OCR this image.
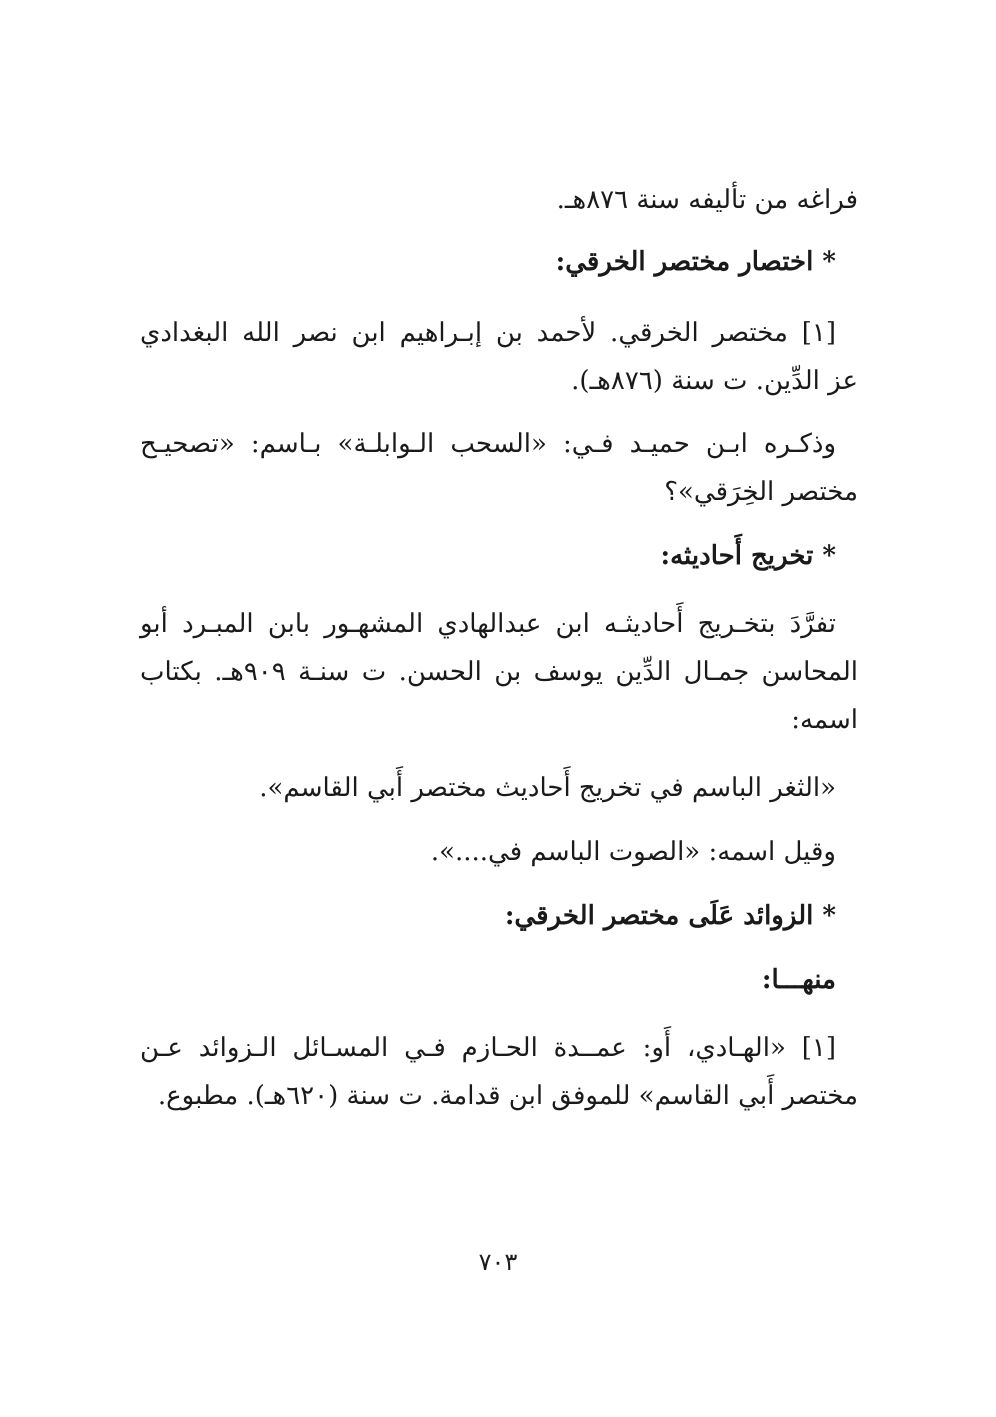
فراغه من تأليفه سنة ٨٧٦هـ.
* اختصار مختصر الخرقي:
[١] مختصر الخرقي. لأحمد بن إبـراهيم ابن نصر الله البغدادي
عز الدِّين. ت سنة (٨٧٦هـ).
وذكـره ابـن حميـد فـي: «السحب الـوابلـة» بـاسم: «تصحيـح
مختصر الخِرَقي»؟
* تخريج أَحاديثه:
تفرَّدَ بتخـريج أَحاديثـه ابن عبدالهادي المشهـور بابن المبـرد أبو
المحاسن جمـال الدِّين يوسف بن الحسن. ت سنـة ٩٠٩هـ. بكتاب
اسمه:
«الثغر الباسم في تخريج أَحاديث مختصر أَبي القاسم».
وقيل اسمه: «الصوت الباسم في....».
* الزوائد عَلَى مختصر الخرقي:
منهـــا:
[١] «الهـادي، أَو: عمــدة الحـازم فـي المسـائل الـزوائد عـن
مختصر أَبي القاسم» للموفق ابن قدامة. ت سنة (٦٢٠هـ). مطبوع.
٧٠٣
